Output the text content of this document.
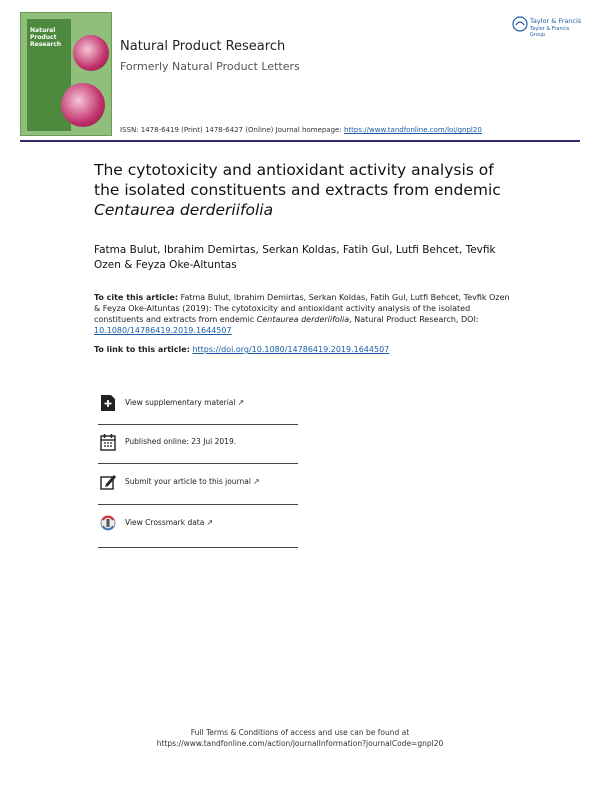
Natural Product Research	Natural Product Research
Formerly Natural Product Letters
ISSN: 1478-6419 (Print) 1478-6427 (Online) Journal homepage: https://www.tandfonline.com/loi/gnpl20
Taylor & Francis
Taylor & Francis Group
The cytotoxicity and antioxidant activity analysis of the isolated constituents and extracts from endemic Centaurea derderiifolia
Fatma Bulut, Ibrahim Demirtas, Serkan Koldas, Fatih Gul, Lutfi Behcet, Tevfik Ozen & Feyza Oke-Altuntas
To cite this article: Fatma Bulut, Ibrahim Demirtas, Serkan Koldas, Fatih Gul, Lutfi Behcet, Tevfik Ozen & Feyza Oke-Altuntas (2019): The cytotoxicity and antioxidant activity analysis of the isolated constituents and extracts from endemic Centaurea derderiifolia, Natural Product Research, DOI: 10.1080/14786419.2019.1644507
To link to this article: https://doi.org/10.1080/14786419.2019.1644507
View supplementary material ↗
Published online: 23 Jul 2019.
Submit your article to this journal ↗
View Crossmark data ↗
Full Terms & Conditions of access and use can be found at
https://www.tandfonline.com/action/journalInformation?journalCode=gnpl20
